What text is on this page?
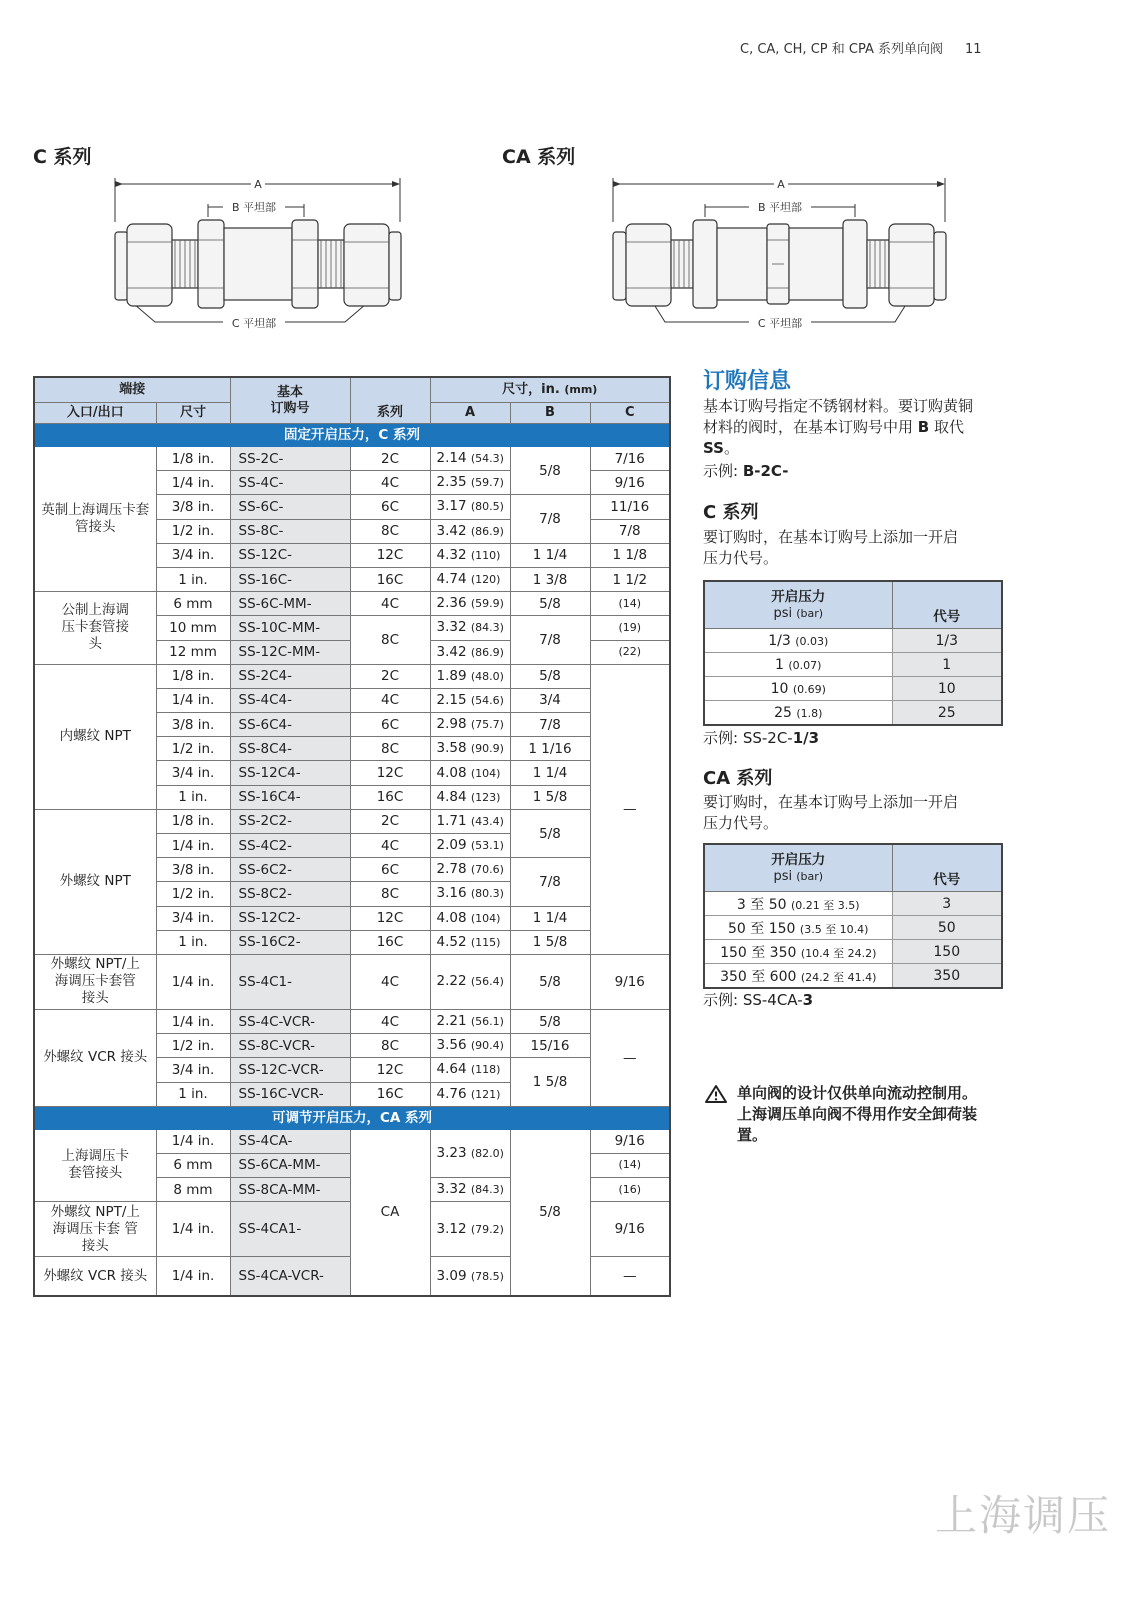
C, CA, CH, CP 和 CPA 系列单向阀 11
C 系列	CA 系列
A
B 平坦部
C 平坦部
A
B 平坦部
C 平坦部
端接		基本
订购号	系列	尺寸，in. (mm)		
入口/出口	尺寸			A	B	C
固定开启压力，C 系列						
英制上海调压卡套管接头	1/8 in.	SS-2C-	2C	2.14 (54.3)	5/8	7/16
	1/4 in.	SS-4C-	4C	2.35 (59.7)		9/16
	3/8 in.	SS-6C-	6C	3.17 (80.5)	7/8	11/16
	1/2 in.	SS-8C-	8C	3.42 (86.9)		7/8
	3/4 in.	SS-12C-	12C	4.32 (110)	1 1/4	1 1/8
	1 in.	SS-16C-	16C	4.74 (120)	1 3/8	1 1/2
公制上海调压卡套管接头	6 mm	SS-6C-MM-	4C	2.36 (59.9)	5/8	(14)
	10 mm	SS-10C-MM-	8C	3.32 (84.3)	7/8	(19)
	12 mm	SS-12C-MM-		3.42 (86.9)		(22)
内螺纹 NPT	1/8 in.	SS-2C4-	2C	1.89 (48.0)	5/8	—
	1/4 in.	SS-4C4-	4C	2.15 (54.6)	3/4	
	3/8 in.	SS-6C4-	6C	2.98 (75.7)	7/8	
	1/2 in.	SS-8C4-	8C	3.58 (90.9)	1 1/16	
	3/4 in.	SS-12C4-	12C	4.08 (104)	1 1/4	
	1 in.	SS-16C4-	16C	4.84 (123)	1 5/8	
外螺纹 NPT	1/8 in.	SS-2C2-	2C	1.71 (43.4)	5/8	
	1/4 in.	SS-4C2-	4C	2.09 (53.1)		
	3/8 in.	SS-6C2-	6C	2.78 (70.6)	7/8	
	1/2 in.	SS-8C2-	8C	3.16 (80.3)		
	3/4 in.	SS-12C2-	12C	4.08 (104)	1 1/4	
	1 in.	SS-16C2-	16C	4.52 (115)	1 5/8	
外螺纹 NPT/上海调压卡套管接头	1/4 in.	SS-4C1-	4C	2.22 (56.4)	5/8	9/16
外螺纹 VCR 接头	1/4 in.	SS-4C-VCR-	4C	2.21 (56.1)	5/8	—
	1/2 in.	SS-8C-VCR-	8C	3.56 (90.4)	15/16	
	3/4 in.	SS-12C-VCR-	12C	4.64 (118)	1 5/8	
	1 in.	SS-16C-VCR-	16C	4.76 (121)		
可调节开启压力，CA 系列						
上海调压卡套管接头	1/4 in.	SS-4CA-	CA	3.23 (82.0)	5/8	9/16
	6 mm	SS-6CA-MM-				(14)
	8 mm	SS-8CA-MM-		3.32 (84.3)		(16)
外螺纹 NPT/上海调压卡套 管接头	1/4 in.	SS-4CA1-		3.12 (79.2)		9/16
外螺纹 VCR 接头	1/4 in.	SS-4CA-VCR-		3.09 (78.5)		—
订购信息
基本订购号指定不锈钢材料。要订购黄铜
材料的阀时，在基本订购号中用 B 取代
SS。
示例: B-2C-
C 系列
要订购时，在基本订购号上添加一开启
压力代号。
开启压力
psi (bar)	代号
1/3 (0.03)	1/3
1 (0.07)	1
10 (0.69)	10
25 (1.8)	25
示例: SS-2C-1/3
CA 系列
要订购时，在基本订购号上添加一开启
压力代号。
开启压力
psi (bar)	代号
3 至 50 (0.21 至 3.5)	3
50 至 150 (3.5 至 10.4)	50
150 至 350 (10.4 至 24.2)	150
350 至 600 (24.2 至 41.4)	350
示例: SS-4CA-3
单向阀的设计仅供单向流动控制用。
上海调压单向阀不得用作安全卸荷装
置。
上海调压
